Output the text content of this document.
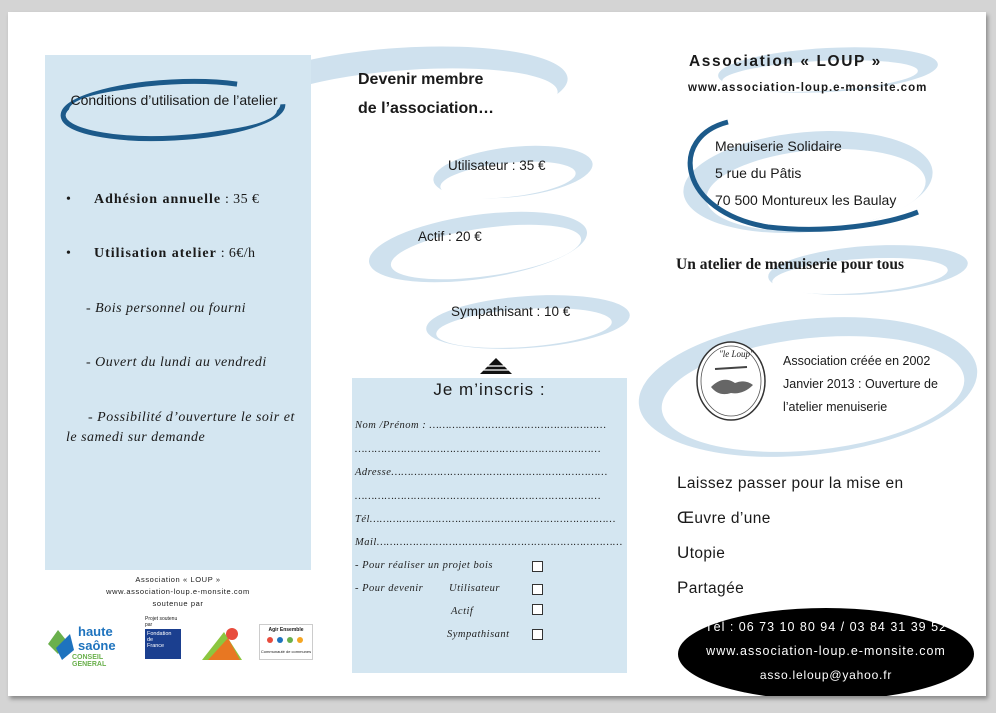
Conditions d’utilisation de l’atelier
• Adhésion annuelle : 35 €
• Utilisation atelier : 6€/h
- Bois personnel ou fourni
- Ouvert du lundi au vendredi
- Possibilité d’ouverture le soir et le samedi sur demande
Association « LOUP »
www.association-loup.e-monsite.com
soutenue par
haute
saône
CONSEIL GENERAL
Projet soutenu par
Fondation
de
France
Agir Ensemble
Communauté de communes
Devenir membre
de l’association…
Utilisateur : 35 €
Actif : 20 €
Sympathisant : 10 €
Je m’inscris :
Nom /Prénom : ………………………………………………
…………………………………………………………………
Adresse…………………………………………………………
…………………………………………………………………
Tél…………………………………………………………………
Mail…………………………………………………………………
- Pour réaliser un projet bois
- Pour devenir Utilisateur
Actif
Sympathisant
Association « LOUP »
www.association-loup.e-monsite.com
Menuiserie Solidaire
5 rue du Pâtis
70 500 Montureux les Baulay
Un atelier de menuiserie pour tous
"le Loup" Association créée en 2002
Janvier 2013 : Ouverture de
l’atelier menuiserie
Laissez passer pour la mise en
Œuvre d’une
Utopie
Partagée
Tél : 06 73 10 80 94 / 03 84 31 39 52
www.association-loup.e-monsite.com
asso.leloup@yahoo.fr
